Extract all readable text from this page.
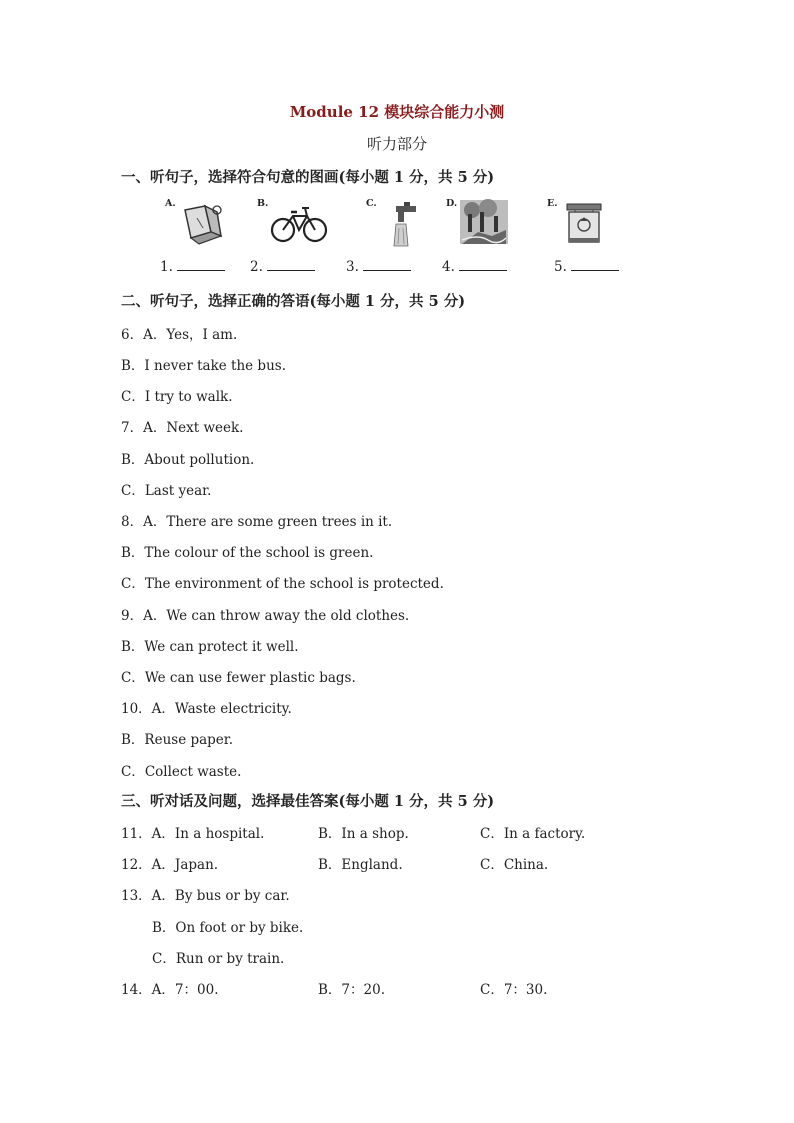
Module 12 模块综合能力小测
听力部分
一、听句子，选择符合句意的图画(每小题 1 分，共 5 分)
A.	B.	C.	D.	E.
1.	2.	3.	4.	5.
二、听句子，选择正确的答语(每小题 1 分，共 5 分)
6．A．Yes，I am.
B．I never take the bus.
C．I try to walk.
7．A．Next week.
B．About pollution.
C．Last year.
8．A．There are some green trees in it.
B．The colour of the school is green.
C．The environment of the school is protected.
9．A．We can throw away the old clothes.
B．We can protect it well.
C．We can use fewer plastic bags.
10．A．Waste electricity.
B．Reuse paper.
C．Collect waste.
三、听对话及问题，选择最佳答案(每小题 1 分，共 5 分)
11．A．In a hospital.	B．In a shop.	C．In a factory.
12．A．Japan.	B．England.	C．China.
13．A．By bus or by car.
B．On foot or by bike.
C．Run or by train.
14．A．7：00.	B．7：20.	C．7：30.
